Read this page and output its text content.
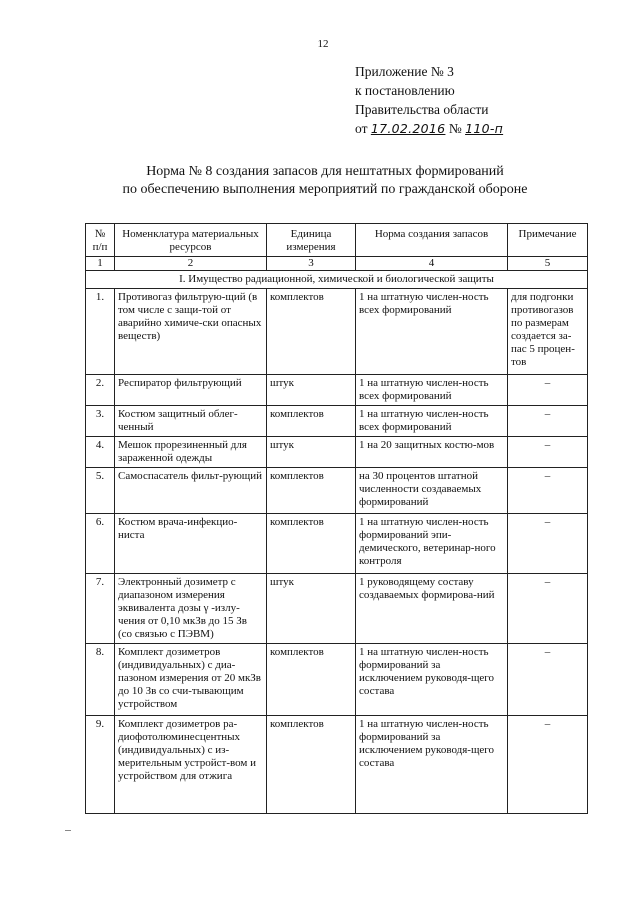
12
Приложение № 3
к постановлению
Правительства области
от 17.02.2016 № 110-п
Норма № 8 создания запасов для нештатных формирований
по обеспечению выполнения мероприятий по гражданской обороне
№ п/п	Номенклатура материальных ресурсов	Единица измерения	Норма создания запасов	Примечание
1	2	3	4	5
I. Имущество радиационной, химической и биологической защиты				
1.	Противогаз фильтрую-щий (в том числе с защи-той от аварийно химиче-ски опасных веществ)	комплектов	1 на штатную числен-ность всех формирований	для подгонки противогазов по размерам создается за-пас 5 процен-тов
2.	Респиратор фильтрующий	штук	1 на штатную числен-ность всех формирований	–
3.	Костюм защитный облег-ченный	комплектов	1 на штатную числен-ность всех формирований	–
4.	Мешок прорезиненный для зараженной одежды	штук	1 на 20 защитных костю-мов	–
5.	Самоспасатель фильт-рующий	комплектов	на 30 процентов штатной численности создаваемых формирований	–
6.	Костюм врача-инфекцио-ниста	комплектов	1 на штатную числен-ность формирований эпи-демического, ветеринар-ного контроля	–
7.	Электронный дозиметр с диапазоном измерения эквивалента дозы γ -излу-чения от 0,10 мкЗв до 15 Зв (со связью с ПЭВМ)	штук	1 руководящему составу создаваемых формирова-ний	–
8.	Комплект дозиметров (индивидуальных) с диа-пазоном измерения от 20 мкЗв до 10 Зв со счи-тывающим устройством	комплектов	1 на штатную числен-ность формирований за исключением руководя-щего состава	–
9.	Комплект дозиметров ра-диофотолюминесцентных (индивидуальных) с из-мерительным устройст-вом и устройством для отжига	комплектов	1 на штатную числен-ность формирований за исключением руководя-щего состава	–
